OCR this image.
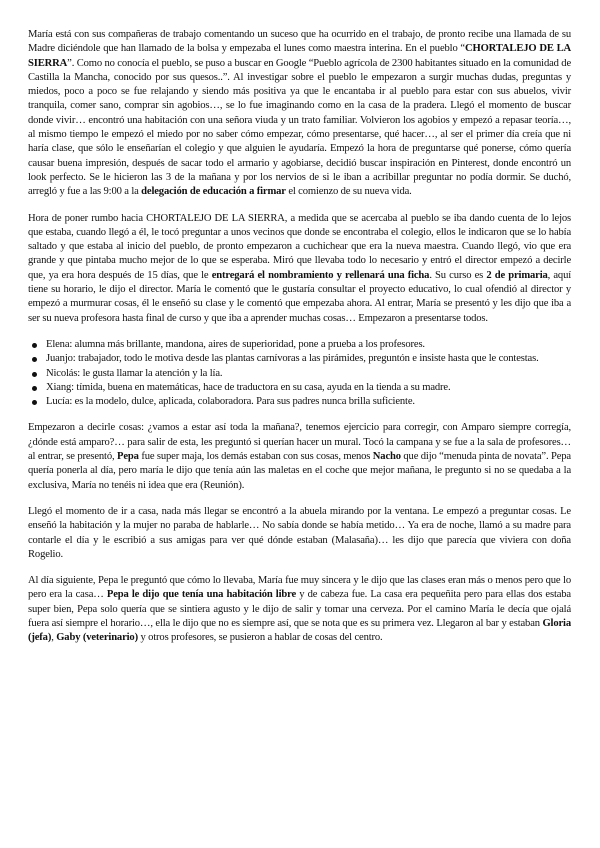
María está con sus compañeras de trabajo comentando un suceso que ha ocurrido en el trabajo, de pronto recibe una llamada de su Madre diciéndole que han llamado de la bolsa y empezaba el lunes como maestra interina. En el pueblo “CHORTALEJO DE LA SIERRA”. Como no conocía el pueblo, se puso a buscar en Google “Pueblo agrícola de 2300 habitantes situado en la comunidad de Castilla la Mancha, conocido por sus quesos..”. Al investigar sobre el pueblo le empezaron a surgir muchas dudas, preguntas y miedos, poco a poco se fue relajando y siendo más positiva ya que le encantaba ir al pueblo para estar con sus abuelos, vivir tranquila, comer sano, comprar sin agobios…, se lo fue imaginando como en la casa de la pradera. Llegó el momento de buscar donde vivir… encontró una habitación con una señora viuda y un trato familiar. Volvieron los agobios y empezó a repasar teoría…, al mismo tiempo le empezó el miedo por no saber cómo empezar, cómo presentarse, qué hacer…, al ser el primer día creía que ni haría clase, que sólo le enseñarían el colegio y que alguien le ayudaría. Empezó la hora de preguntarse qué ponerse, cómo quería causar buena impresión, después de sacar todo el armario y agobiarse, decidió buscar inspiración en Pinterest, donde encontró un look perfecto. Se le hicieron las 3 de la mañana y por los nervios de si le iban a acribillar preguntar no podía dormir. Se duchó, arregló y fue a las 9:00 a la delegación de educación a firmar el comienzo de su nueva vida.

Hora de poner rumbo hacia CHORTALEJO DE LA SIERRA, a medida que se acercaba al pueblo se iba dando cuenta de lo lejos que estaba, cuando llegó a él, le tocó preguntar a unos vecinos que donde se encontraba el colegio, ellos le indicaron que se lo había saltado y que estaba al inicio del pueblo, de pronto empezaron a cuchichear que era la nueva maestra. Cuando llegó, vio que era grande y que pintaba mucho mejor de lo que se esperaba. Miró que llevaba todo lo necesario y entró el director empezó a decirle que, ya era hora después de 15 días, que le entregará el nombramiento y rellenará una ficha. Su curso es 2 de primaria, aquí tiene su horario, le dijo el director. María le comentó que le gustaría consultar el proyecto educativo, lo cual ofendió al director y empezó a murmurar cosas, él le enseñó su clase y le comentó que empezaba ahora. Al entrar, María se presentó y les dijo que iba a ser su nueva profesora hasta final de curso y que iba a aprender muchas cosas… Empezaron a presentarse todos.

Elena: alumna más brillante, mandona, aires de superioridad, pone a prueba a los profesores.
Juanjo: trabajador, todo le motiva desde las plantas carnívoras a las pirámides, preguntón e insiste hasta que le contestas.
Nicolás: le gusta llamar la atención y la lía.
Xiang: tímida, buena en matemáticas, hace de traductora en su casa, ayuda en la tienda a su madre.
Lucía: es la modelo, dulce, aplicada, colaboradora. Para sus padres nunca brilla suficiente.

Empezaron a decirle cosas: ¿vamos a estar así toda la mañana?, tenemos ejercicio para corregir, con Amparo siempre corregía, ¿dónde está amparo?… para salir de esta, les preguntó si querían hacer un mural. Tocó la campana y se fue a la sala de profesores… al entrar, se presentó, Pepa fue super maja, los demás estaban con sus cosas, menos Nacho que dijo “menuda pinta de novata”. Pepa quería ponerla al día, pero maría le dijo que tenía aún las maletas en el coche que mejor mañana, le pregunto si no se quedaba a la exclusiva, María no tenéis ni idea que era (Reunión).

Llegó el momento de ir a casa, nada más llegar se encontró a la abuela mirando por la ventana. Le empezó a preguntar cosas. Le enseñó la habitación y la mujer no paraba de hablarle… No sabía donde se había metido… Ya era de noche, llamó a su madre para contarle el día y le escribió a sus amigas para ver qué dónde estaban (Malasaña)… les dijo que parecía que viviera con doña Rogelio.

Al día siguiente, Pepa le preguntó que cómo lo llevaba, María fue muy sincera y le dijo que las clases eran más o menos pero que lo pero era la casa… Pepa le dijo que tenía una habitación libre y de cabeza fue. La casa era pequeñita pero para ellas dos estaba super bien, Pepa solo quería que se sintiera agusto y le dijo de salir y tomar una cerveza. Por el camino María le decía que ojalá fuera así siempre el horario…, ella le dijo que no es siempre así, que se nota que es su primera vez. Llegaron al bar y estaban Gloria (jefa), Gaby (veterinario) y otros profesores, se pusieron a hablar de cosas del centro.
